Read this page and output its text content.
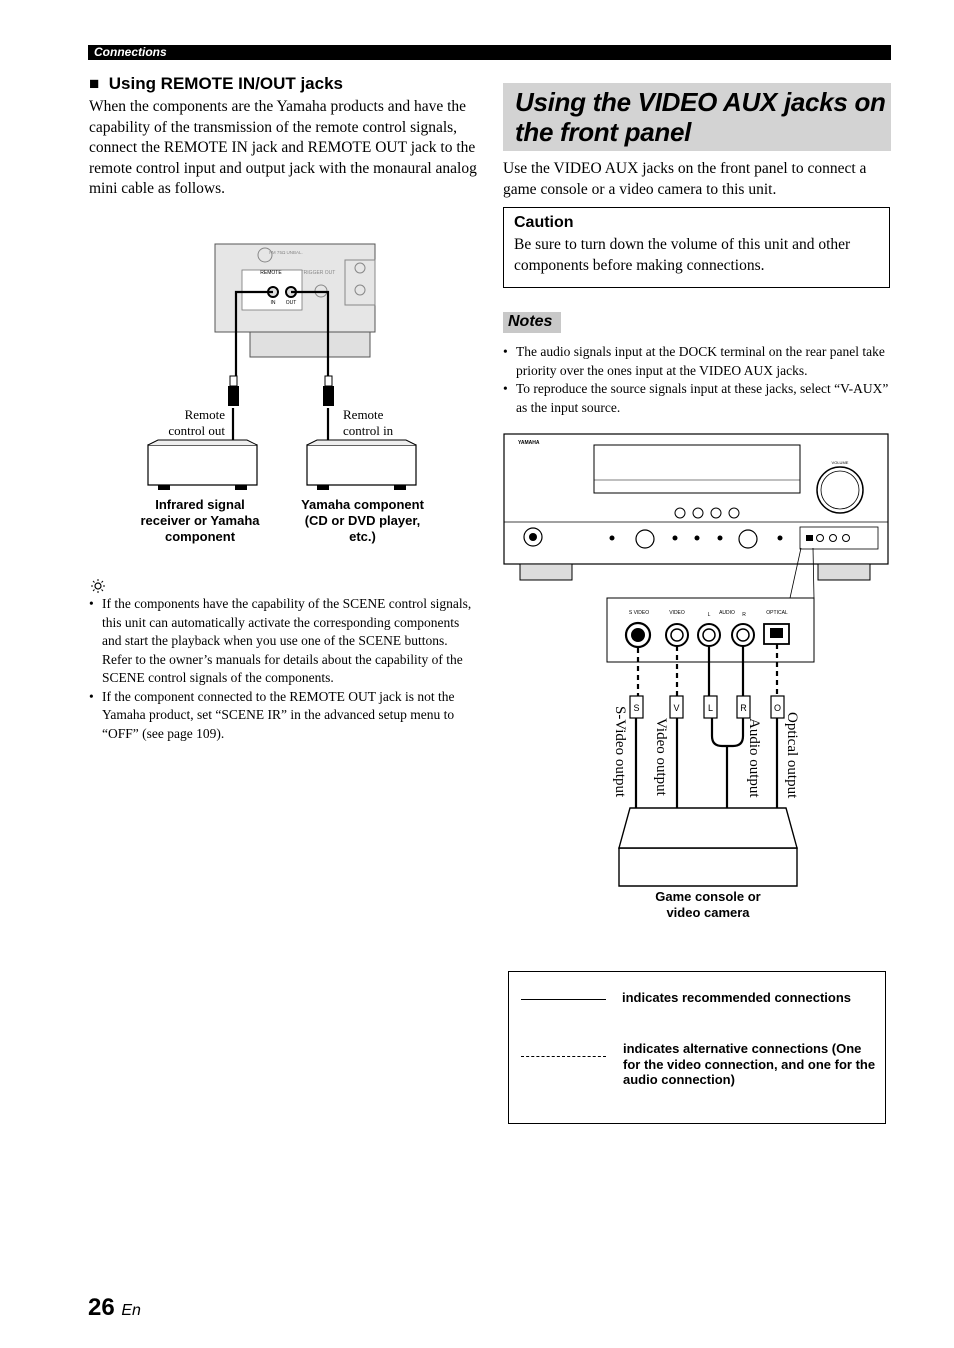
Connections
■ Using REMOTE IN/OUT jacks
When the components are the Yamaha products and have the capability of the transmission of the remote control signals, connect the REMOTE IN jack and REMOTE OUT jack to the remote control input and output jack with the monaural analog mini cable as follows.
REMOTE
IN OUT
TRIGGER OUT
FM 75Ω UNBAL.
Remote
control out
Remote
control in
Infrared signal receiver or Yamaha component
Yamaha component (CD or DVD player, etc.)
• If the components have the capability of the SCENE control signals, this unit can automatically activate the corresponding components and start the playback when you use one of the SCENE buttons. Refer to the owner’s manuals for details about the capability of the SCENE control signals of the components.
• If the component connected to the REMOTE OUT jack is not the Yamaha product, set “SCENE IR” in the advanced setup menu to “OFF” (see page 109).
Using the VIDEO AUX jacks on the front panel
Use the VIDEO AUX jacks on the front panel to connect a game console or a video camera to this unit.
Caution
Be sure to turn down the volume of this unit and other components before making connections.
Notes
• The audio signals input at the DOCK terminal on the rear panel take priority over the ones input at the VIDEO AUX jacks.
• To reproduce the source signals input at these jacks, select “V-AUX” as the input source.
YAMAHA
VOLUME
S VIDEO	VIDEO	L AUDIO R	OPTICAL
S	V	L	R	O
S-Video output Video output	Audio output Optical output
Game console or video camera
indicates recommended connections
indicates alternative connections (One for the video connection, and one for the audio connection)
26 En
